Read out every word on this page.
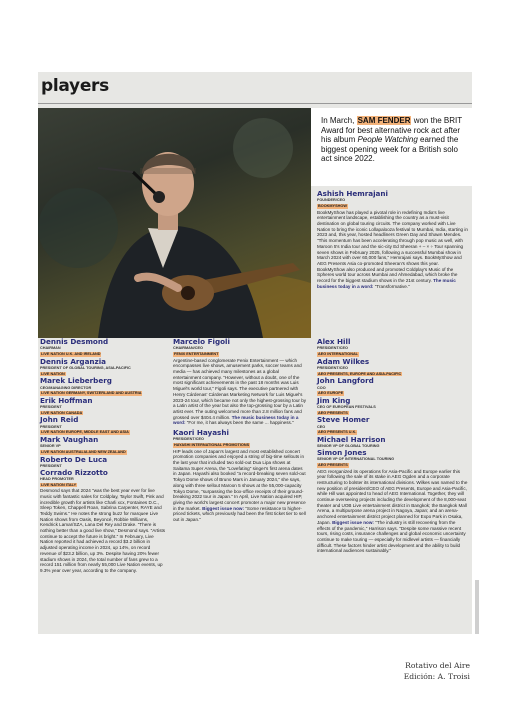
players
In March, SAM FENDER won the BRIT Award for best alternative rock act after his album People Watching earned the biggest opening week for a British solo act since 2022.
Ashish Hemrajani
FOUNDER/CEO
BOOKMYSHOW
BookMyShow has played a pivotal role in redefining India's live entertainment landscape, establishing the country as a must-visit destination on global touring circuits. The company worked with Live Nation to bring the iconic Lollapalooza festival to Mumbai, India, starting in 2023 and, this year, hosted headliners Green Day and Shawn Mendes. "This momentum has been accelerating through pop music as well, with Maroon 5's India tour and the sic-city Ed Sheeran + – × ÷ Tour spanning seven shows in February 2025, following a successful Mumbai show in March 2024 with over 60,000 fans," Hemrajani says. BookMyShow and AEG Presents Asia co-promoted Sheeran's shows this year. BookMyShow also produced and promoted Coldplay's Music of the Spheres world tour across Mumbai and Ahmedabad, which broke the record for the biggest stadium shows in the 21st century. The music business today in a word: "Transformative."
Dennis Desmond
CHAIRMAN
LIVE NATION U.K. AND IRELAND
Dennis Arganzia
PRESIDENT OF GLOBAL TOURING, ASIA-PACIFIC
LIVE NATION
Marek Lieberberg
CEO/MANAGING DIRECTOR
LIVE NATION GERMANY, SWITZERLAND AND AUSTRIA
Erik Hoffman
PRESIDENT
LIVE NATION CANADA
John Reid
PRESIDENT
LIVE NATION EUROPE, MIDDLE EAST AND ASIA
Mark Vaughan
SENIOR VP
LIVE NATION AUSTRALIA AND NEW ZEALAND
Roberto De Luca
PRESIDENT
Corrado Rizzotto
HEAD PROMOTER
LIVE NATION ITALY
Desmond says that 2024 "was the best year ever for live music with fantastic sales for Coldplay, Taylor Swift, Pink and incredible growth for artists like Charli xcx, Fontaines D.C., Sleep Token, Chappell Roan, Sabrina Carpenter, RAYE and Teddy Swims." He notes the strong buzz for marquee Live Nation shows from Oasis, Beyoncé, Robbie Williams, Kendrick Lamar/SZA, Lana Del Rey and Drake. "There is nothing better than a good live show," Desmond says. "Artists continue to accept the future is bright." In February, Live Nation reported it had achieved a record $3.2 billion in adjusted operating income in 2024, up 14%, on record revenue of $23.2 billion, up 3%. Despite having 20% fewer stadium shows in 2024, the total number of fans grew to a record 151 million from nearly 55,000 Live Nation events, up 9.3% year over year, according to the company.
Marcelo Figoli
CHAIRMAN/CEO
FENIX ENTERTAINMENT
Argentine-based conglomerate Fenix Entertainment — which encompasses live shows, amusement parks, soccer teams and media — has achieved many milestones as a global entertainment company. "However, without a doubt, one of the most significant achievements in the past 18 months was Luis Miguel's world tour," Figoli says. The executive partnered with Henry Cárdenas' Cárdenas Marketing Network for Luis Miguel's 2023-24 tour, which became not only the highest-grossing tour by a Latin artist of the year but also the top-grossing tour by a Latin artist ever. The outing welcomed more than 2.8 million fans and grossed over $404.4 million. The music business today in a word: "For me, it has always been the same ... happiness."
Kaori Hayashi
PRESIDENT/CEO
HAYASHI INTERNATIONAL PROMOTIONS
HIP leads one of Japan's largest and most established concert promotion companies and enjoyed a string of big-time sellouts in the last year that included two sold-out Dua Lipa shows at Saitama Super Arena, the "Lovefating" singer's first arena dates in Japan. Hayashi also booked "a record-breaking seven sold-out Tokyo Dome shows of Bruno Mars in January 2024," she says, along with three sellout Maroon 5 shows at the 55,000-capacity Tokyo Dome, "surpassing the box-office receipts of their ground-breaking 2022 tour in Japan." In April, Live Nation acquired HIP, giving the world's largest concert promoter a major new presence in the market. Biggest issue now: "Some resistance to higher-priced tickets, which previously had been the first ticket tier to sell out in Japan."
Alex Hill
PRESIDENT/CEO
AEG INTERNATIONAL
Adam Wilkes
PRESIDENT/CEO
AEG PRESENTS, EUROPE AND ASIA-PACIFIC
John Langford
COO
AEG EUROPE
Jim King
CEO OF EUROPEAN FESTIVALS
AEG PRESENTS
Steve Homer
CEO
AEG PRESENTS U.K.
Michael Harrison
SENIOR VP OF GLOBAL TOURING
Simon Jones
SENIOR VP OF INTERNATIONAL TOURING
AEG PRESENTS
AEG reorganized its operations for Asia-Pacific and Europe earlier this year following the sale of its stake in AEG Ogden and a corporate restructuring to bolster its international divisions. Wilkes was named to the new position of president/CEO of AEG Presents, Europe and Asia-Pacific, while Hill was appointed to head of AEG International. Together, they will continue overseeing projects including the development of the 8,000-seat theater and UOB Live entertainment district in Bangkok; the Bangkok Mall Arena, a multipurpose arena project in Nagoya, Japan; and an arena-anchored entertainment district project planned for Expo Park in Osaka, Japan. Biggest issue now: "The industry is still recovering from the effects of the pandemic," Harrison says. "Despite some massive recent tours, rising costs, insurance challenges and global economic uncertainty continue to make touring — especially for midlevel artists — financially difficult. These factors hinder artist development and the ability to build international audiences sustainably."
Rotativo del Aire
Edición: A. Troisi
